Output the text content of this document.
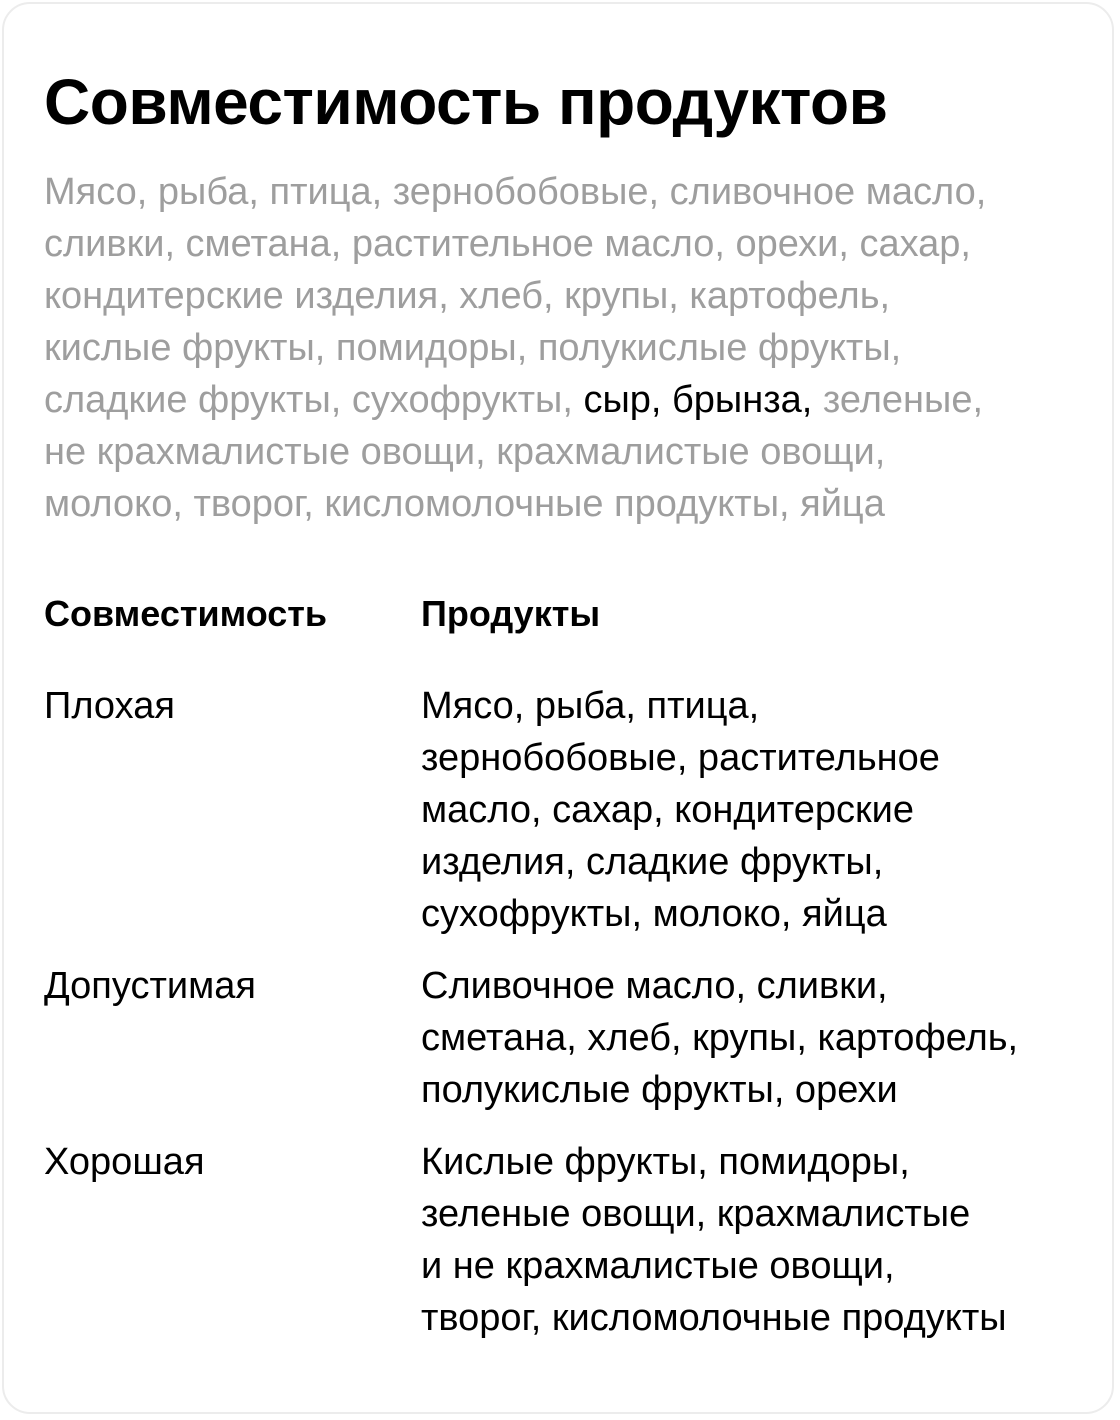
Совместимость продуктов

Мясо, рыба, птица, зернобобовые, сливочное масло,
сливки, сметана, растительное масло, орехи, сахар,
кондитерские изделия, хлеб, крупы, картофель,
кислые фрукты, помидоры, полукислые фрукты,
сладкие фрукты, сухофрукты, сыр, брынза, зеленые,
не крахмалистые овощи, крахмалистые овощи,
молоко, творог, кисломолочные продукты, яйца

Совместимость	Продукты
Плохая	Мясо, рыба, птица,
зернобобовые, растительное
масло, сахар, кондитерские
изделия, сладкие фрукты,
сухофрукты, молоко, яйца
Допустимая	Сливочное масло, сливки,
сметана, хлеб, крупы, картофель,
полукислые фрукты, орехи
Хорошая	Кислые фрукты, помидоры,
зеленые овощи, крахмалистые
и не крахмалистые овощи,
творог, кисломолочные продукты
